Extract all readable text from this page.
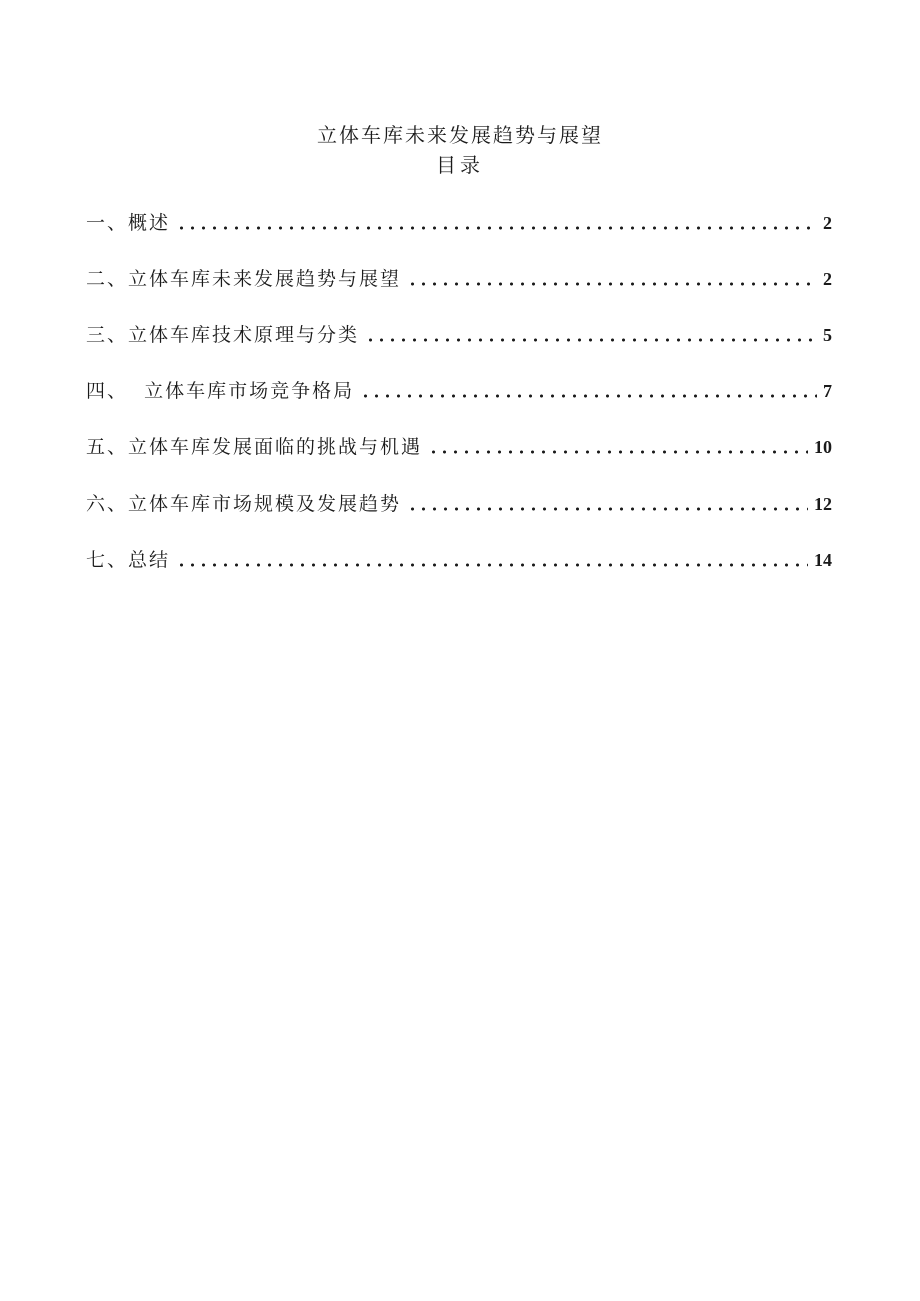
立体车库未来发展趋势与展望
目录
一、概述	2
二、立体车库未来发展趋势与展望	2
三、立体车库技术原理与分类	5
四、  立体车库市场竞争格局	7
五、立体车库发展面临的挑战与机遇	10
六、立体车库市场规模及发展趋势	12
七、总结	14
